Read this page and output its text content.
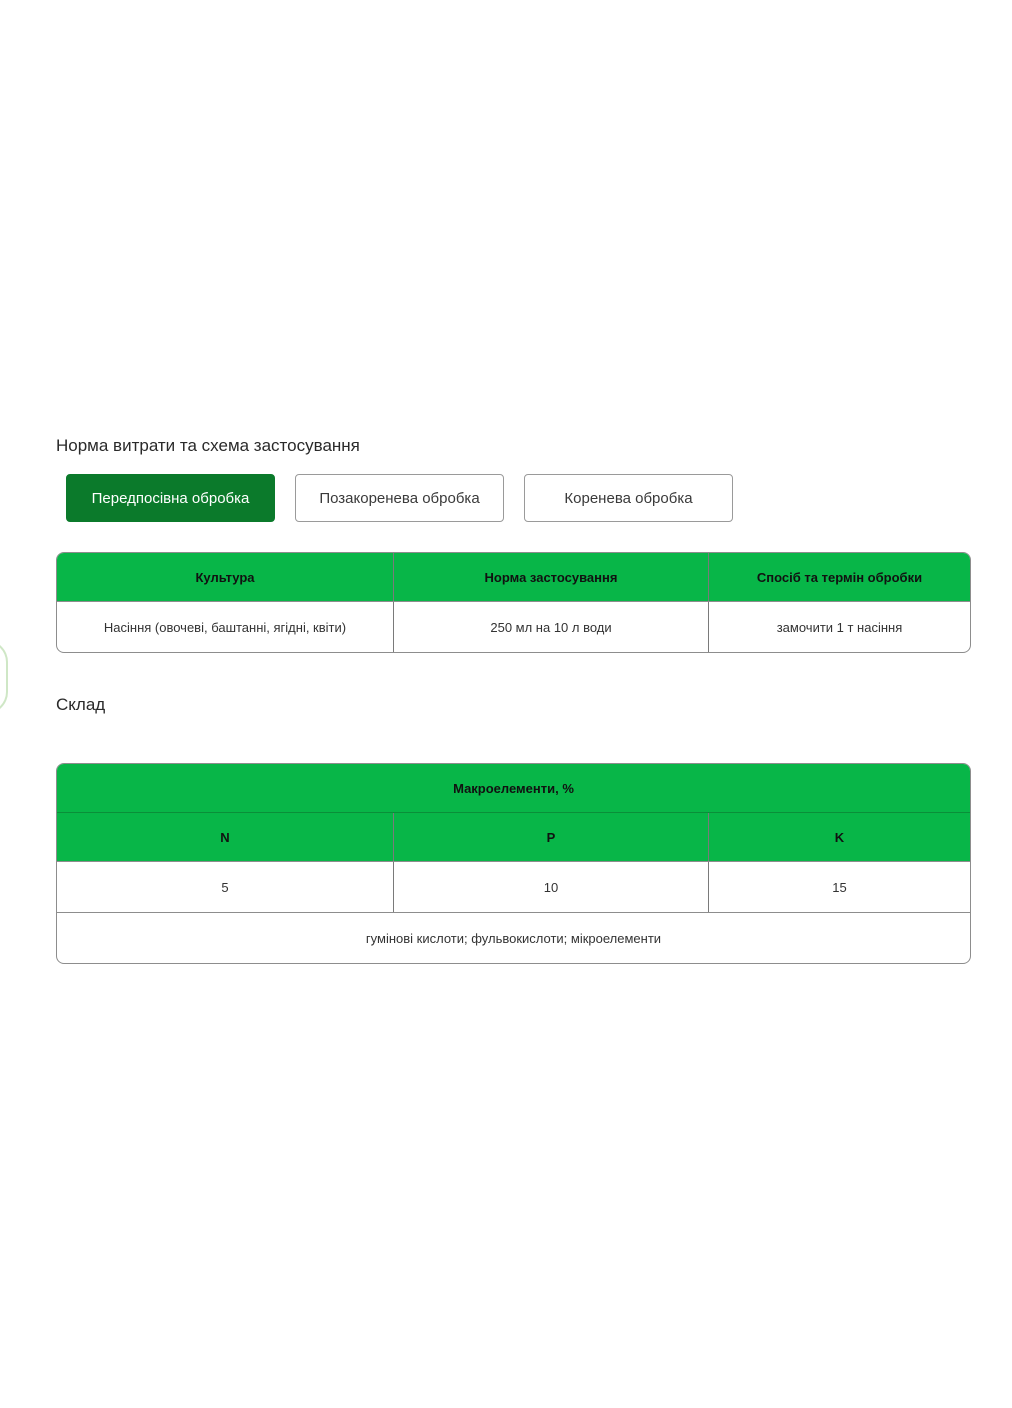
Норма витрати та схема застосування
Передпосівна обробка	Позакоренева обробка	Коренева обробка
Культура	Норма застосування	Спосіб та термін обробки
Насіння (овочеві, баштанні, ягідні, квіти)	250 мл на 10 л води	замочити 1 т насіння
Склад
Макроелементи, %
N	P	K
5	10	15
гумінові кислоти; фульвокислоти; мікроелементи
